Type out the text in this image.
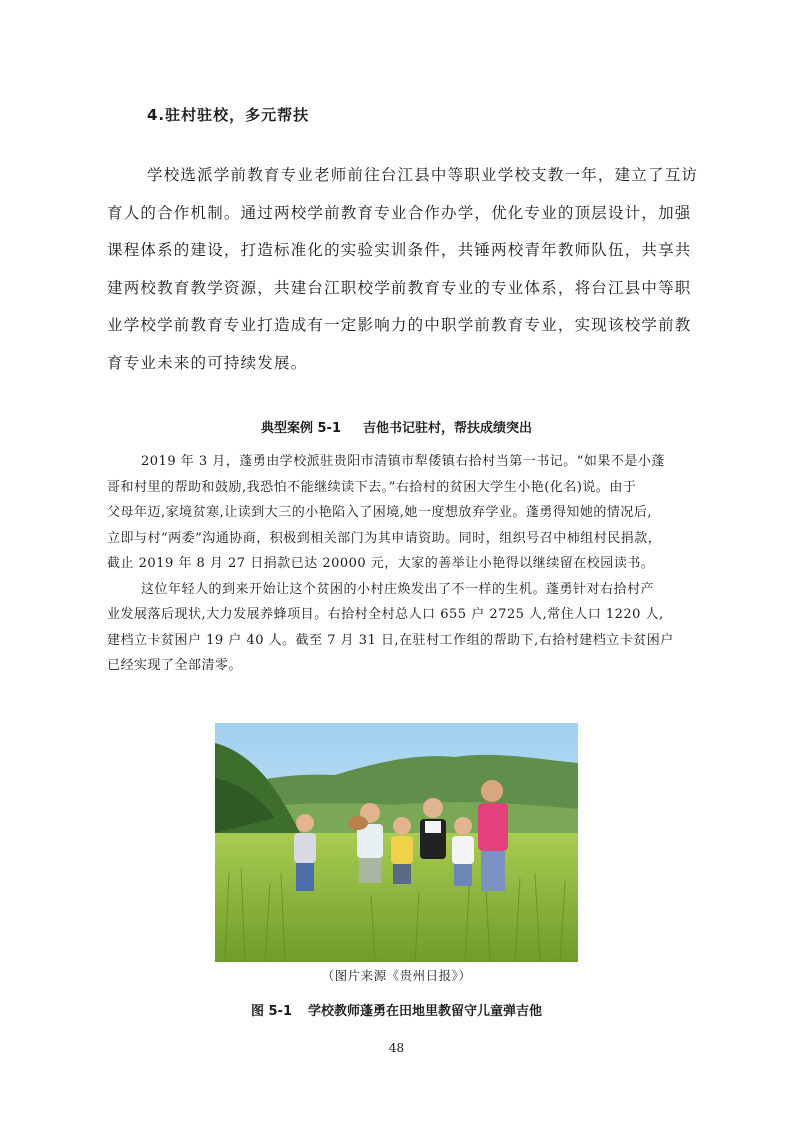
4.驻村驻校，多元帮扶
学校选派学前教育专业老师前往台江县中等职业学校支教一年，建立了互访
育人的合作机制。通过两校学前教育专业合作办学，优化专业的顶层设计，加强
课程体系的建设，打造标准化的实验实训条件，共锤两校青年教师队伍，共享共
建两校教育教学资源，共建台江职校学前教育专业的专业体系，将台江县中等职
业学校学前教育专业打造成有一定影响力的中职学前教育专业，实现该校学前教
育专业未来的可持续发展。
典型案例 5-1 吉他书记驻村，帮扶成绩突出
2019 年 3 月，蓬勇由学校派驻贵阳市清镇市犁倭镇右拾村当第一书记。“如果不是小蓬
哥和村里的帮助和鼓励,我恐怕不能继续读下去。”右拾村的贫困大学生小艳(化名)说。由于
父母年迈,家境贫寒,让读到大三的小艳陷入了困境,她一度想放弃学业。蓬勇得知她的情况后,
立即与村“两委”沟通协商，积极到相关部门为其申请资助。同时，组织号召中柿组村民捐款，
截止 2019 年 8 月 27 日捐款已达 20000 元，大家的善举让小艳得以继续留在校园读书。
这位年轻人的到来开始让这个贫困的小村庄焕发出了不一样的生机。蓬勇针对右拾村产
业发展落后现状,大力发展养蜂项目。右拾村全村总人口 655 户 2725 人,常住人口 1220 人,
建档立卡贫困户 19 户 40 人。截至 7 月 31 日,在驻村工作组的帮助下,右拾村建档立卡贫困户
已经实现了全部清零。
（图片来源《贵州日报》）
图 5-1 学校教师蓬勇在田地里教留守儿童弹吉他
48
